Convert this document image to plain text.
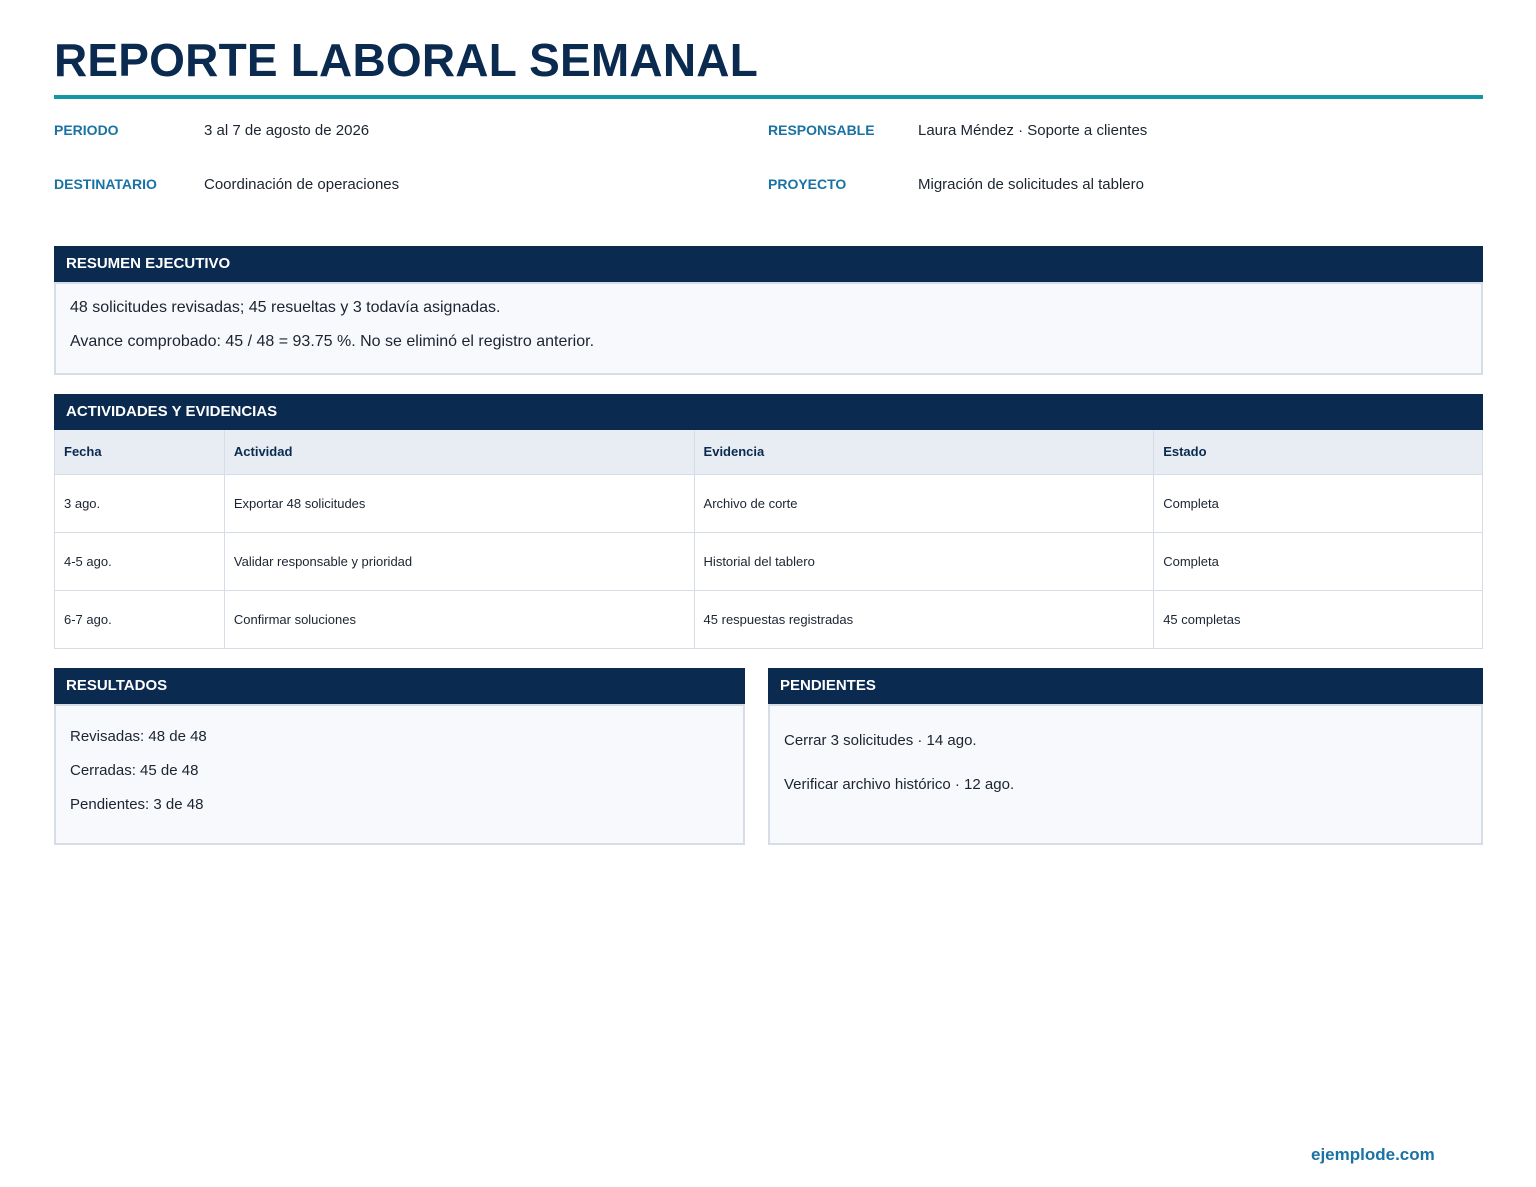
REPORTE LABORAL SEMANAL
PERIODO	3 al 7 de agosto de 2026	RESPONSABLE	Laura Méndez · Soporte a clientes
DESTINATARIO	Coordinación de operaciones	PROYECTO	Migración de solicitudes al tablero
RESUMEN EJECUTIVO
48 solicitudes revisadas; 45 resueltas y 3 todavía asignadas.
Avance comprobado: 45 / 48 = 93.75 %. No se eliminó el registro anterior.
ACTIVIDADES Y EVIDENCIAS
Fecha	Actividad	Evidencia	Estado
3 ago.	Exportar 48 solicitudes	Archivo de corte	Completa
4-5 ago.	Validar responsable y prioridad	Historial del tablero	Completa
6-7 ago.	Confirmar soluciones	45 respuestas registradas	45 completas
RESULTADOS
Revisadas: 48 de 48
Cerradas: 45 de 48
Pendientes: 3 de 48
PENDIENTES
Cerrar 3 solicitudes · 14 ago.
Verificar archivo histórico · 12 ago.
ejemplode.com
